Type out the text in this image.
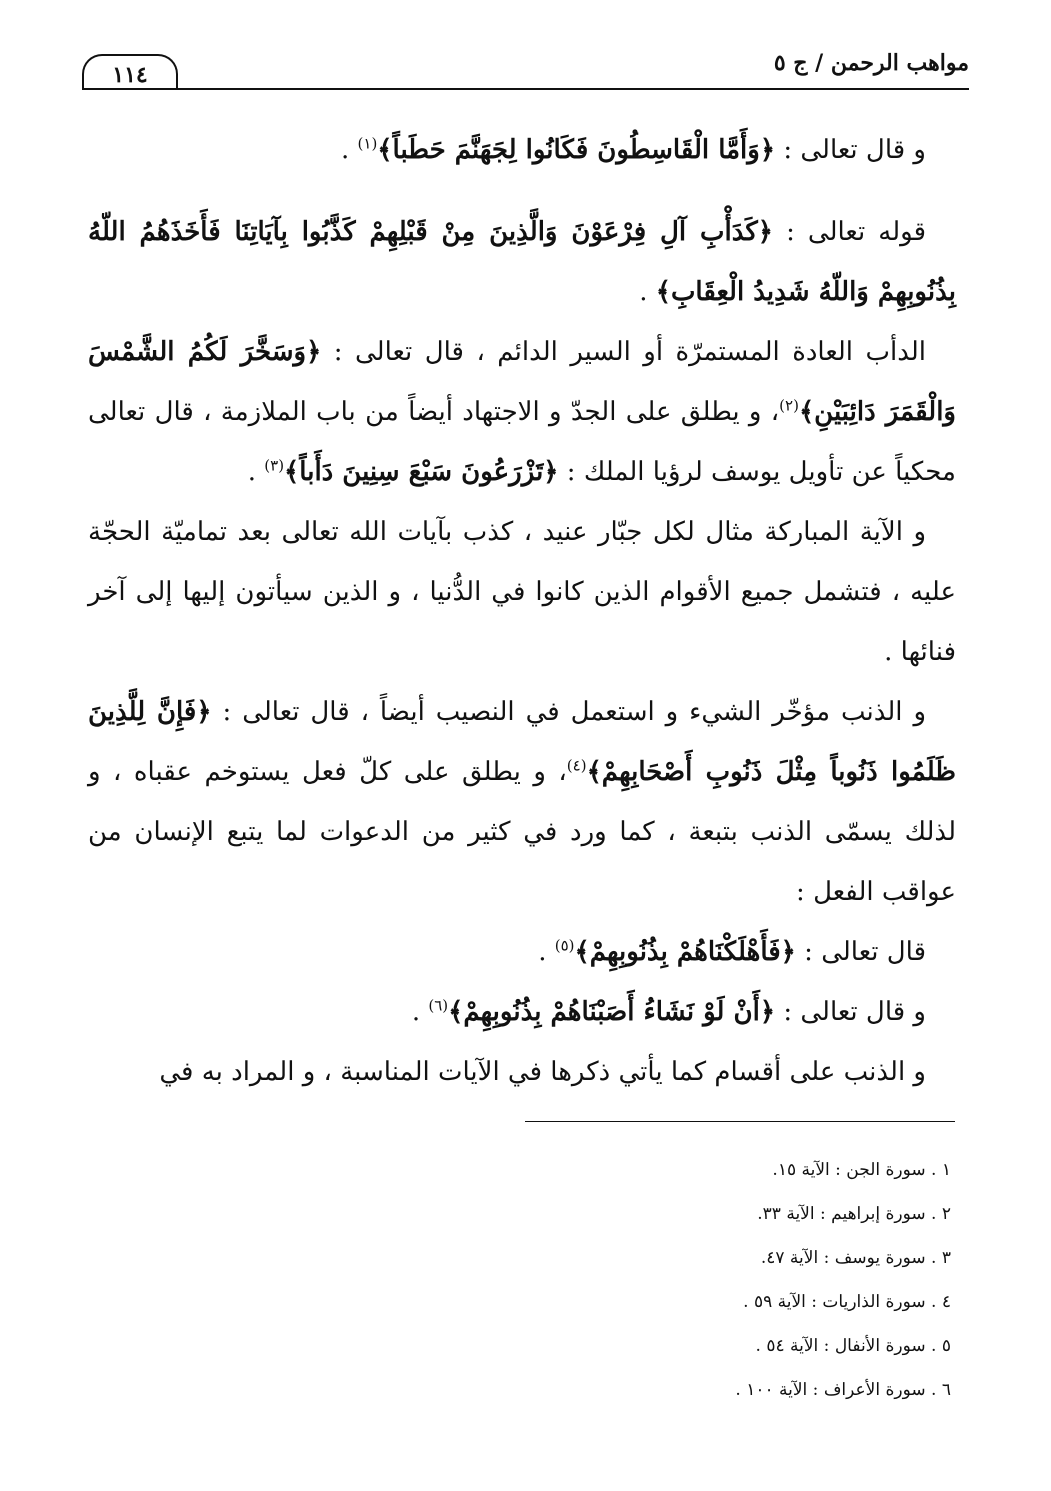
مواهب الرحمن / ج ٥
١١٤

و قال تعالى : ﴿وَأَمَّا الْقَاسِطُونَ فَكَانُوا لِجَهَنَّمَ حَطَباً﴾$^{(١)}$ .

قوله تعالى : ﴿كَدَأْبِ آلِ فِرْعَوْنَ وَالَّذِينَ مِنْ قَبْلِهِمْ كَذَّبُوا بِآيَاتِنَا فَأَخَذَهُمُ اللّهُ بِذُنُوبِهِمْ وَاللّهُ شَدِيدُ الْعِقَابِ﴾ .

الدأب العادة المستمرّة أو السير الدائم ، قال تعالى : ﴿وَسَخَّرَ لَكُمُ الشَّمْسَ وَالْقَمَرَ دَائِبَيْنِ﴾$^{(٢)}$، و يطلق على الجدّ و الاجتهاد أيضاً من باب الملازمة ، قال تعالى محكياً عن تأويل يوسف لرؤيا الملك : ﴿تَزْرَعُونَ سَبْعَ سِنِينَ دَأَباً﴾$^{(٣)}$ .

و الآية المباركة مثال لكل جبّار عنيد ، كذب بآيات الله تعالى بعد تماميّة الحجّة عليه ، فتشمل جميع الأقوام الذين كانوا في الدُّنيا ، و الذين سيأتون إليها إلى آخر فنائها .

و الذنب مؤخّر الشيء و استعمل في النصيب أيضاً ، قال تعالى : ﴿فَإِنَّ لِلَّذِينَ ظَلَمُوا ذَنُوباً مِثْلَ ذَنُوبِ أَصْحَابِهِمْ﴾$^{(٤)}$، و يطلق على كلّ فعل يستوخم عقباه ، و لذلك يسمّى الذنب بتبعة ، كما ورد في كثير من الدعوات لما يتبع الإنسان من عواقب الفعل :

قال تعالى : ﴿فَأَهْلَكْنَاهُمْ بِذُنُوبِهِمْ﴾$^{(٥)}$ .

و قال تعالى : ﴿أَنْ لَوْ نَشَاءُ أَصَبْنَاهُمْ بِذُنُوبِهِمْ﴾$^{(٦)}$ .

و الذنب على أقسام كما يأتي ذكرها في الآيات المناسبة ، و المراد به في

١ . سورة الجن : الآية ١٥.

٢ . سورة إبراهيم : الآية ٣٣.

٣ . سورة يوسف : الآية ٤٧.

٤ . سورة الذاريات : الآية ٥٩ .

٥ . سورة الأنفال : الآية ٥٤ .

٦ . سورة الأعراف : الآية ١٠٠ .
